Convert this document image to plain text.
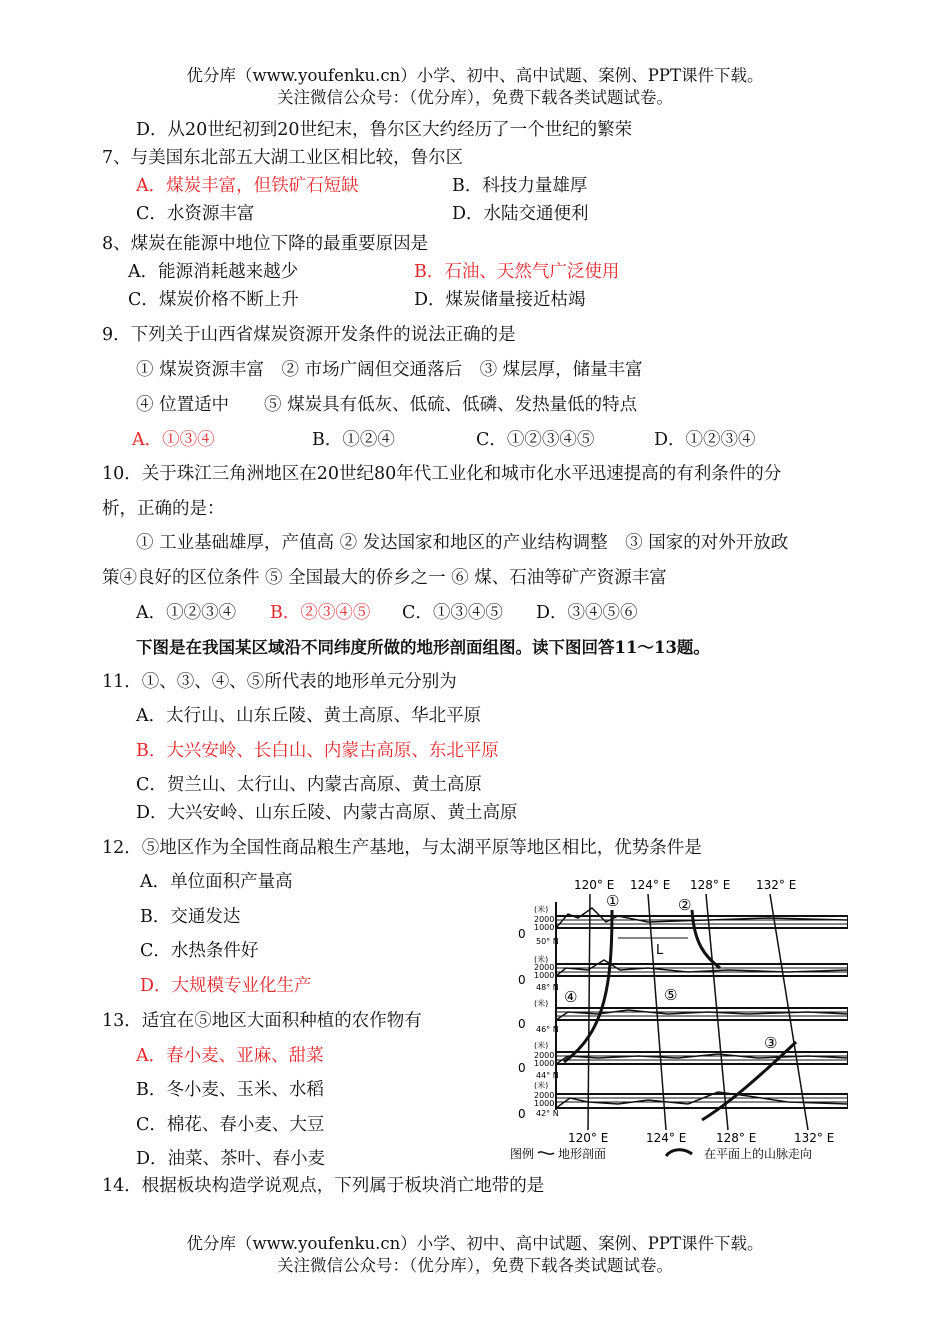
优分库（www.youfenku.cn）小学、初中、高中试题、案例、PPT课件下载。
关注微信公众号：（优分库），免费下载各类试题试卷。
D．从20世纪初到20世纪末，鲁尔区大约经历了一个世纪的繁荣
7、与美国东北部五大湖工业区相比较，鲁尔区
A．煤炭丰富，但铁矿石短缺	B．科技力量雄厚
C．水资源丰富	D．水陆交通便利
8、煤炭在能源中地位下降的最重要原因是
A．能源消耗越来越少	B．石油、天然气广泛使用
C．煤炭价格不断上升	D．煤炭储量接近枯竭
9．下列关于山西省煤炭资源开发条件的说法正确的是
① 煤炭资源丰富　② 市场广阔但交通落后　③ 煤层厚，储量丰富
④ 位置适中　　⑤ 煤炭具有低灰、低硫、低磷、发热量低的特点
A．①③④	B．①②④	C．①②③④⑤	D．①②③④
10．关于珠江三角洲地区在20世纪80年代工业化和城市化水平迅速提高的有利条件的分
析，正确的是：
① 工业基础雄厚，产值高 ② 发达国家和地区的产业结构调整　③ 国家的对外开放政
策④良好的区位条件 ⑤ 全国最大的侨乡之一 ⑥ 煤、石油等矿产资源丰富
A．①②③④ B．②③④⑤ C．①③④⑤ D．③④⑤⑥
下图是在我国某区域沿不同纬度所做的地形剖面组图。读下图回答11～13题。
11．①、③、④、⑤所代表的地形单元分别为
A．太行山、山东丘陵、黄土高原、华北平原
B．大兴安岭、长白山、内蒙古高原、东北平原
C．贺兰山、太行山、内蒙古高原、黄土高原
D．大兴安岭、山东丘陵、内蒙古高原、黄土高原
12．⑤地区作为全国性商品粮生产基地，与太湖平原等地区相比，优势条件是
A．单位面积产量高
B．交通发达
C．水热条件好
D．大规模专业化生产
13．适宜在⑤地区大面积种植的农作物有
A．春小麦、亚麻、甜菜
B．冬小麦、玉米、水稻
C．棉花、春小麦、大豆
D．油菜、茶叶、春小麦
14．根据板块构造学说观点，下列属于板块消亡地带的是
优分库（www.youfenku.cn）小学、初中、高中试题、案例、PPT课件下载。
关注微信公众号：（优分库），免费下载各类试题试卷。
120° E 124° E 128° E 132° E
L
①	②
③
④	⑤
(米)
2000
1000
50° N
0
(米)
2000
1000
48° N
0
(米)
46° N
0
(米)
2000
1000
44° N
0
(米)
2000
1000
42° N
0
120° E	124° E 128° E	132° E
图例 地形剖面	在平面上的山脉走向
